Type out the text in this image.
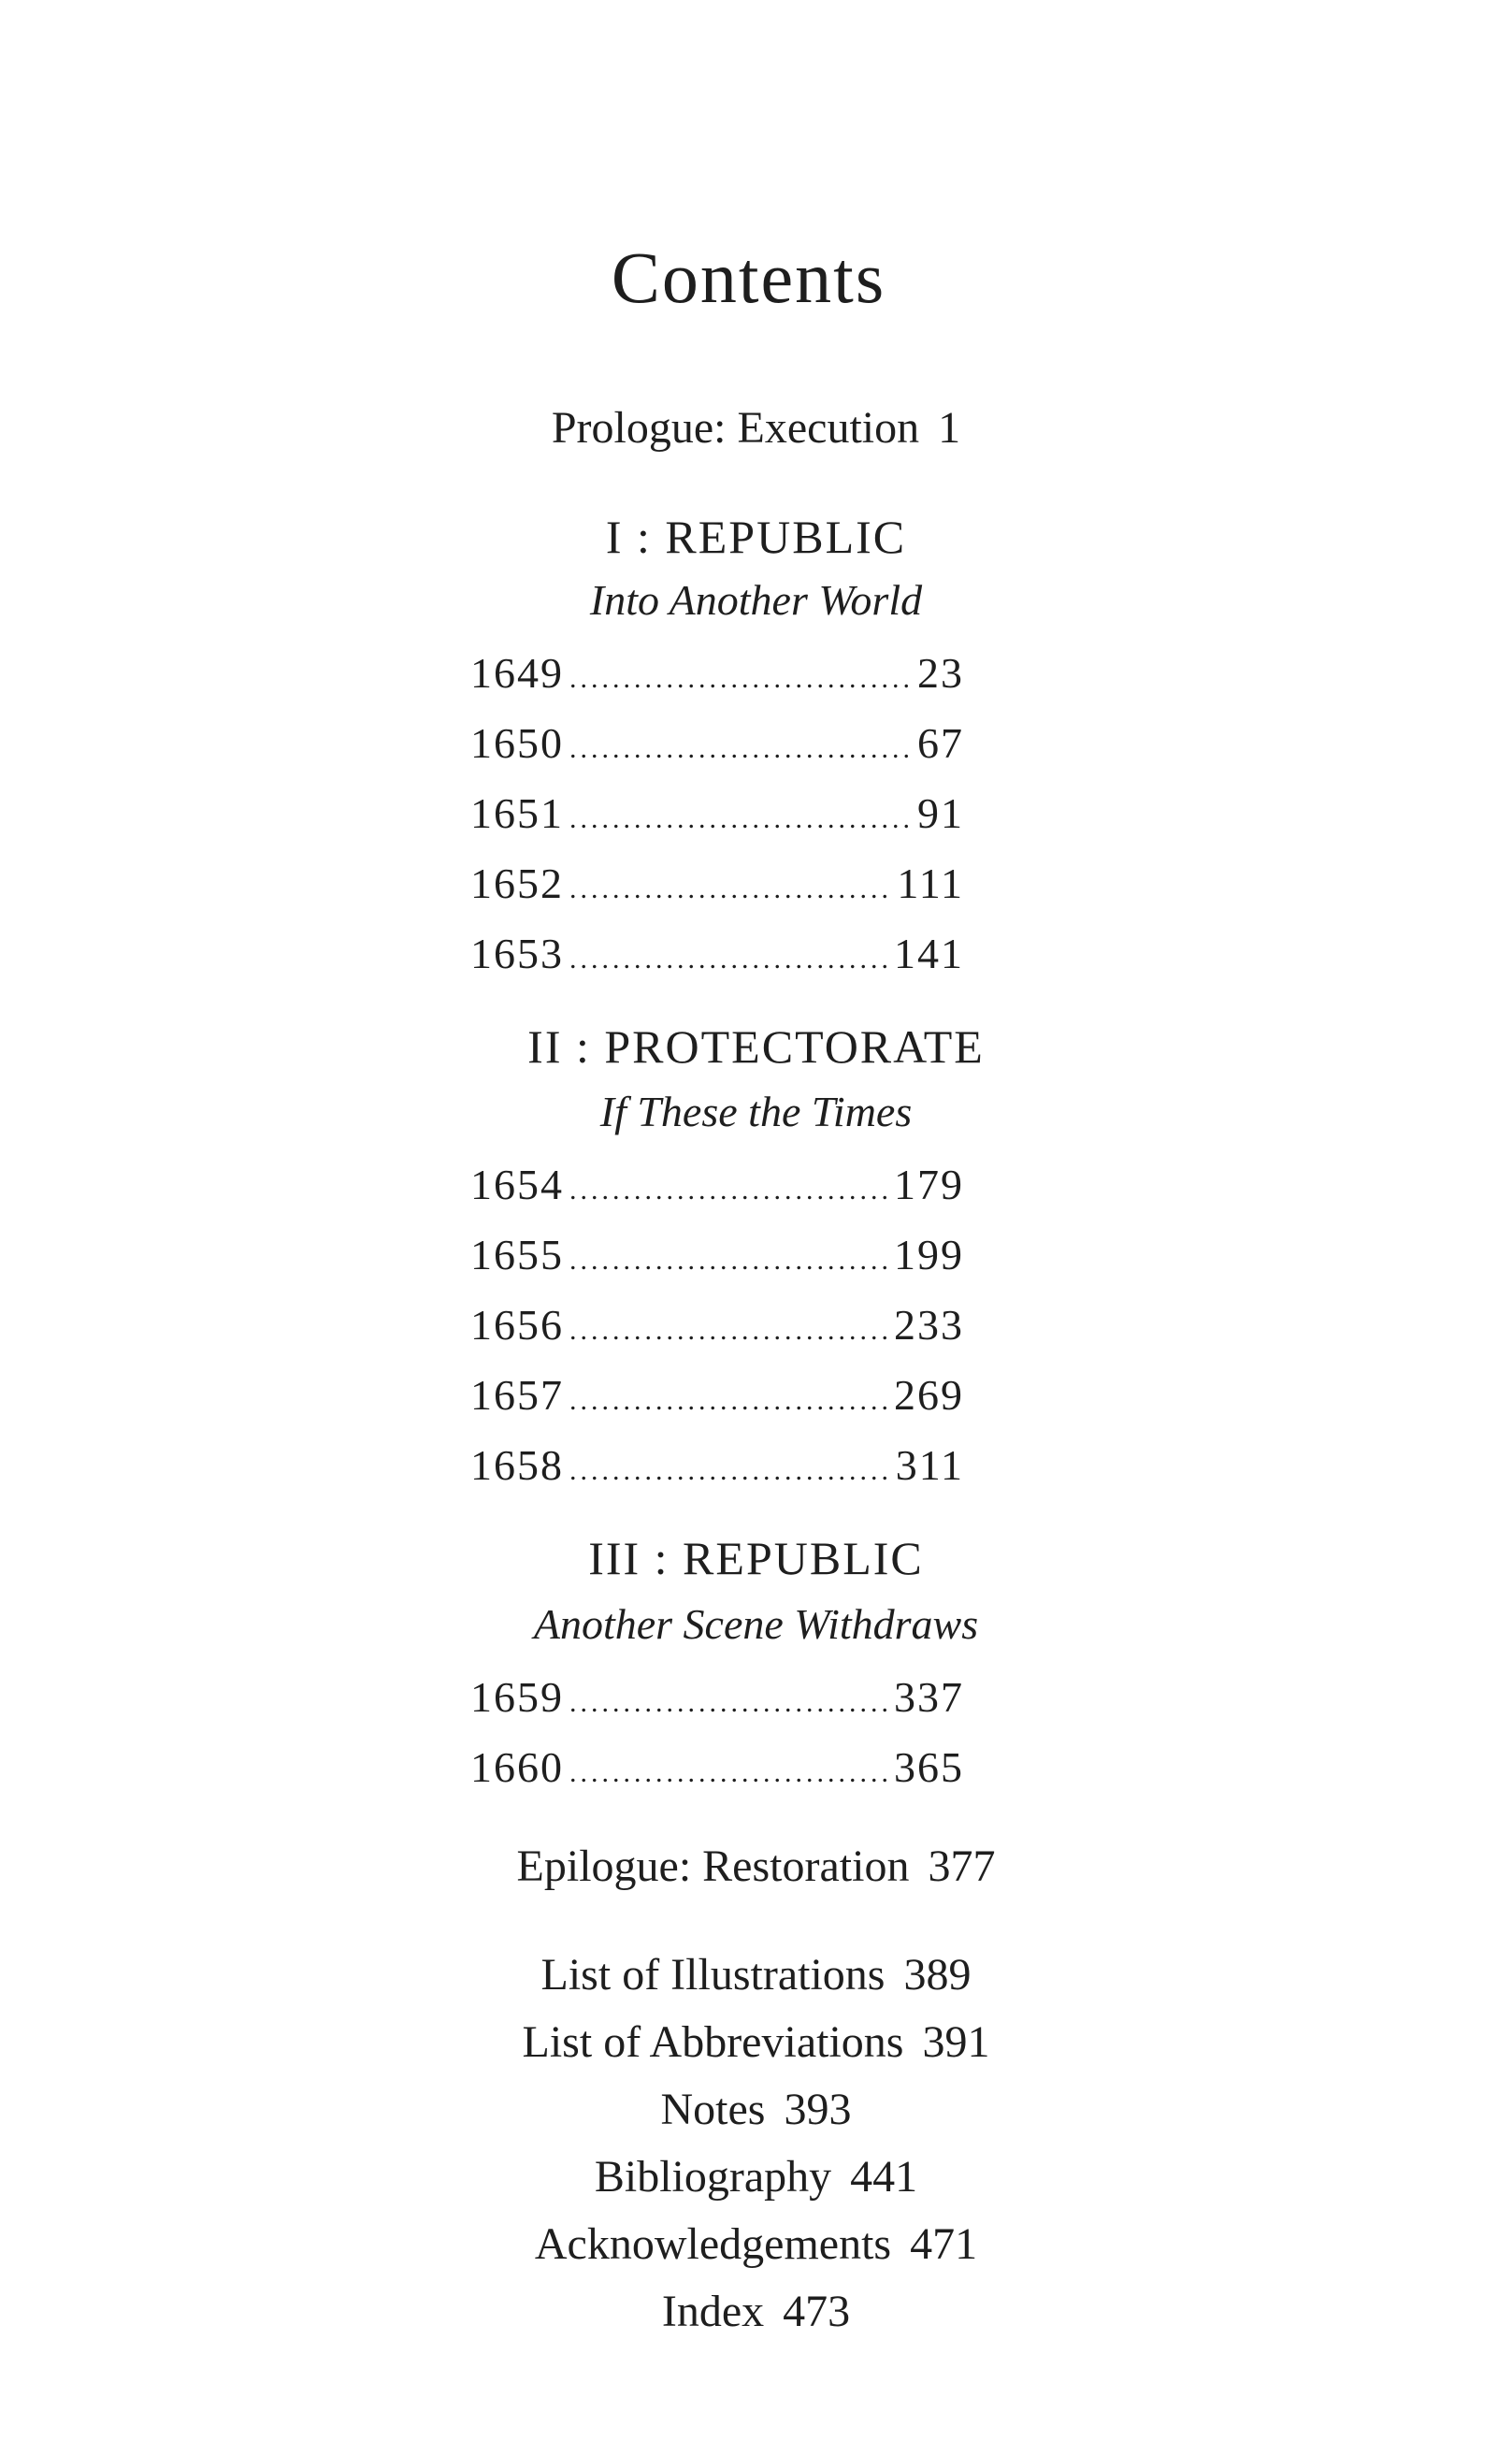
Contents
Prologue: Execution 1
I : REPUBLIC
Into Another World
1649 .....	23
1650 .....	67
1651 .....	91
1652 .....	111
1653 .....	141
II : PROTECTORATE
If These the Times
1654 .....	179
1655 .....	199
1656 .....	233
1657 .....	269
1658 .....	311
III : REPUBLIC
Another Scene Withdraws
1659 .....	337
1660 .....	365
Epilogue: Restoration 377
List of Illustrations 389
List of Abbreviations 391
Notes 393
Bibliography 441
Acknowledgements 471
Index 473
